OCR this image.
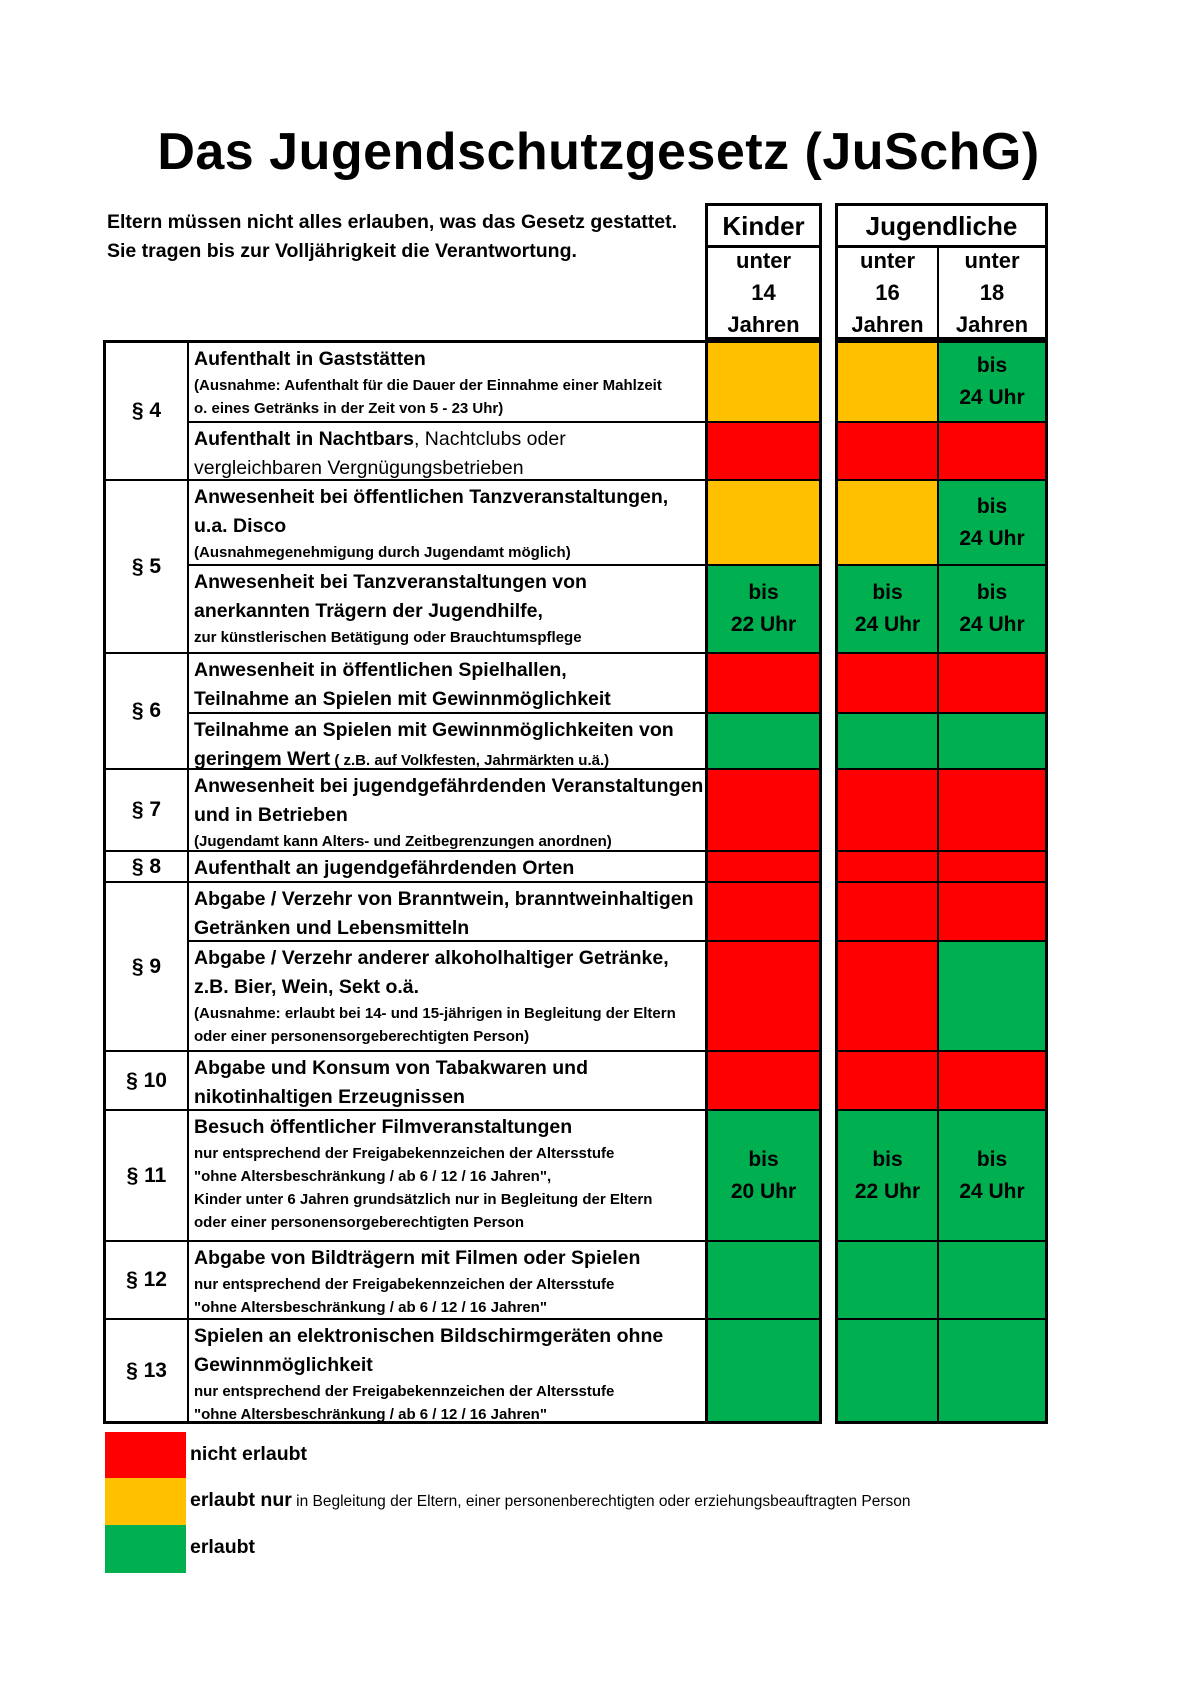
Das Jugendschutzgesetz (JuSchG)
Eltern müssen nicht alles erlauben, was das Gesetz gestattet.
Sie tragen bis zur Volljährigkeit die Verantwortung.
Kinder
unter
14
Jahren
Jugendliche
unter
16
Jahren
unter
18
Jahren
§ 4
Aufenthalt in Gaststätten
(Ausnahme: Aufenthalt für die Dauer der Einnahme einer Mahlzeit
o. eines Getränks in der Zeit von 5 - 23 Uhr)
Aufenthalt in Nachtbars, Nachtclubs oder
vergleichbaren Vergnügungsbetrieben
§ 5
Anwesenheit bei öffentlichen Tanzveranstaltungen,
u.a. Disco
(Ausnahmegenehmigung durch Jugendamt möglich)
Anwesenheit bei Tanzveranstaltungen von
anerkannten Trägern der Jugendhilfe,
zur künstlerischen Betätigung oder Brauchtumspflege
§ 6
Anwesenheit in öffentlichen Spielhallen,
Teilnahme an Spielen mit Gewinnmöglichkeit
Teilnahme an Spielen mit Gewinnmöglichkeiten von
geringem Wert ( z.B. auf Volkfesten, Jahrmärkten u.ä.)
§ 7
Anwesenheit bei jugendgefährdenden Veranstaltungen
und in Betrieben
(Jugendamt kann Alters- und Zeitbegrenzungen anordnen)
§ 8	Aufenthalt an jugendgefährdenden Orten
§ 9
Abgabe / Verzehr von Branntwein, branntweinhaltigen
Getränken und Lebensmitteln
Abgabe / Verzehr anderer alkoholhaltiger Getränke,
z.B. Bier, Wein, Sekt o.ä.
(Ausnahme: erlaubt bei 14- und 15-jährigen in Begleitung der Eltern
oder einer personensorgeberechtigten Person)
§ 10
Abgabe und Konsum von Tabakwaren und
nikotinhaltigen Erzeugnissen
§ 11
Besuch öffentlicher Filmveranstaltungen
nur entsprechend der Freigabekennzeichen der Altersstufe
"ohne Altersbeschränkung / ab 6 / 12 / 16 Jahren",
Kinder unter 6 Jahren grundsätzlich nur in Begleitung der Eltern
oder einer personensorgeberechtigten Person
§ 12
Abgabe von Bildträgern mit Filmen oder Spielen
nur entsprechend der Freigabekennzeichen der Altersstufe
"ohne Altersbeschränkung / ab 6 / 12 / 16 Jahren"
§ 13
Spielen an elektronischen Bildschirmgeräten ohne
Gewinnmöglichkeit
nur entsprechend der Freigabekennzeichen der Altersstufe
"ohne Altersbeschränkung / ab 6 / 12 / 16 Jahren"
bis
22 Uhr
bis
20 Uhr
bis
24 Uhr
bis
24 Uhr
bis
24 Uhr
bis
24 Uhr
bis
22 Uhr
bis
24 Uhr
nicht erlaubt
erlaubt nur in Begleitung der Eltern, einer personenberechtigten oder erziehungsbeauftragten Person
erlaubt
